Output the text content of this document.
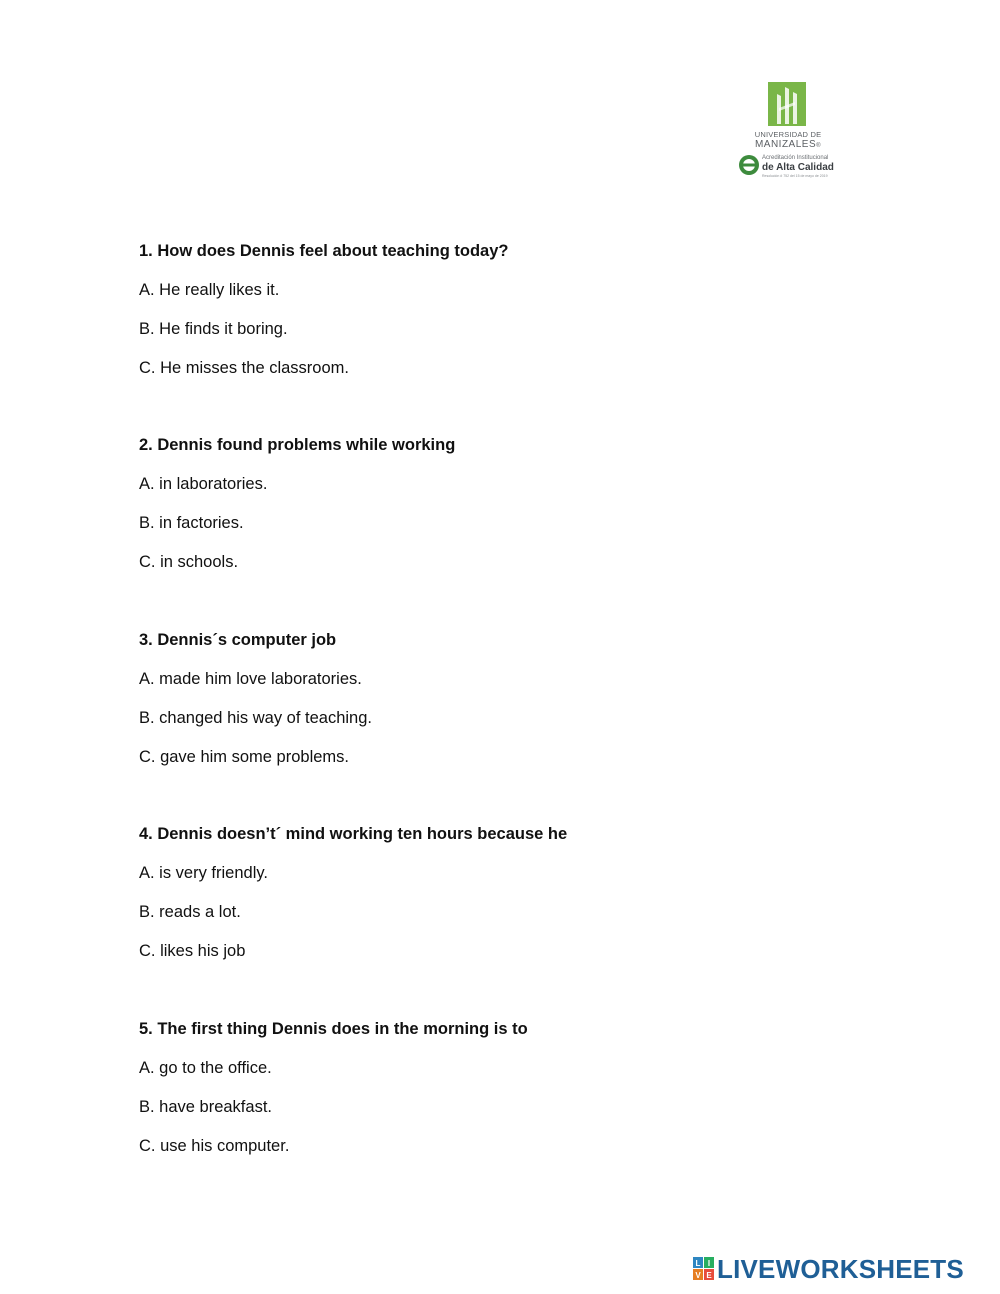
UNIVERSIDAD DE
MANIZALES®
Acreditación Institucional
de Alta Calidad
Resolución # 752 del 15 de mayo de 2019

1. How does Dennis feel about teaching today?

A. He really likes it.

B. He finds it boring.

C. He misses the classroom.

2. Dennis found problems while working

A. in laboratories.

B. in factories.

C. in schools.

3. Dennis´s computer job

A. made him love laboratories.

B. changed his way of teaching.

C. gave him some problems.

4. Dennis doesn’t´ mind working ten hours because he

A. is very friendly.

B. reads a lot.

C. likes his job

5. The first thing Dennis does in the morning is to

A. go to the office.

B. have breakfast.

C. use his computer.

L I
V E LIVEWORKSHEETS
